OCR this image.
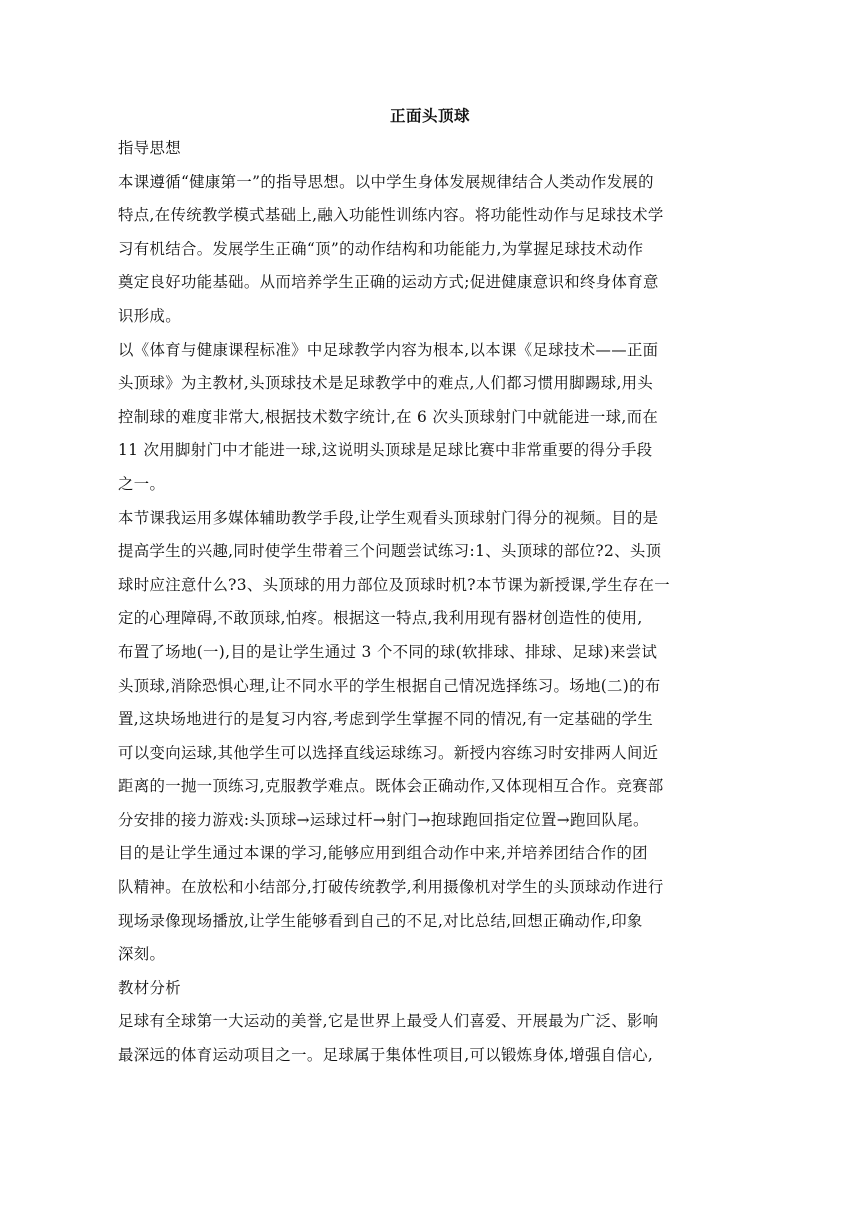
正面头顶球
指导思想
本课遵循“健康第一”的指导思想。以中学生身体发展规律结合人类动作发展的
特点,在传统教学模式基础上,融入功能性训练内容。将功能性动作与足球技术学
习有机结合。发展学生正确“顶”的动作结构和功能能力,为掌握足球技术动作
奠定良好功能基础。从而培养学生正确的运动方式;促进健康意识和终身体育意
识形成。
以《体育与健康课程标准》中足球教学内容为根本,以本课《足球技术——正面
头顶球》为主教材,头顶球技术是足球教学中的难点,人们都习惯用脚踢球,用头
控制球的难度非常大,根据技术数字统计,在 6 次头顶球射门中就能进一球,而在
11 次用脚射门中才能进一球,这说明头顶球是足球比赛中非常重要的得分手段
之一。
本节课我运用多媒体辅助教学手段,让学生观看头顶球射门得分的视频。目的是
提高学生的兴趣,同时使学生带着三个问题尝试练习:1、头顶球的部位?2、头顶
球时应注意什么?3、头顶球的用力部位及顶球时机?本节课为新授课,学生存在一
定的心理障碍,不敢顶球,怕疼。根据这一特点,我利用现有器材创造性的使用,
布置了场地(一),目的是让学生通过 3 个不同的球(软排球、排球、足球)来尝试
头顶球,消除恐惧心理,让不同水平的学生根据自己情况选择练习。场地(二)的布
置,这块场地进行的是复习内容,考虑到学生掌握不同的情况,有一定基础的学生
可以变向运球,其他学生可以选择直线运球练习。新授内容练习时安排两人间近
距离的一抛一顶练习,克服教学难点。既体会正确动作,又体现相互合作。竞赛部
分安排的接力游戏:头顶球→运球过杆→射门→抱球跑回指定位置→跑回队尾。
目的是让学生通过本课的学习,能够应用到组合动作中来,并培养团结合作的团
队精神。在放松和小结部分,打破传统教学,利用摄像机对学生的头顶球动作进行
现场录像现场播放,让学生能够看到自己的不足,对比总结,回想正确动作,印象
深刻。
教材分析
足球有全球第一大运动的美誉,它是世界上最受人们喜爱、开展最为广泛、影响
最深远的体育运动项目之一。足球属于集体性项目,可以锻炼身体,增强自信心,
